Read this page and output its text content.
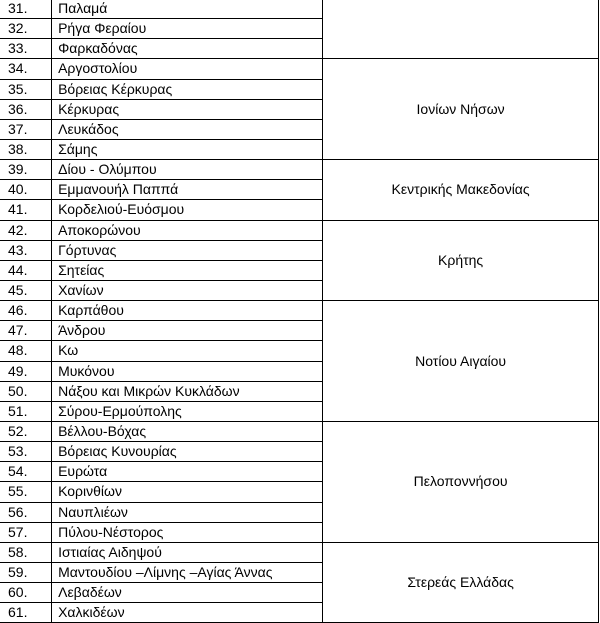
31.	Παλαμά	
32.	Ρήγα Φεραίου	
33.	Φαρκαδόνας	
34.	Αργοστολίου	Ιονίων Νήσων
35.	Βόρειας Κέρκυρας	
36.	Κέρκυρας	
37.	Λευκάδος	
38.	Σάμης	
39.	Δίου - Ολύμπου	Κεντρικής Μακεδονίας
40.	Εμμανουήλ Παππά	
41.	Κορδελιού-Ευόσμου	
42.	Αποκορώνου	Κρήτης
43.	Γόρτυνας	
44.	Σητείας	
45.	Χανίων	
46.	Καρπάθου	Νοτίου Αιγαίου
47.	Άνδρου	
48.	Κω	
49.	Μυκόνου	
50.	Νάξου και Μικρών Κυκλάδων	
51.	Σύρου-Ερμούπολης	
52.	Βέλλου-Βόχας	Πελοποννήσου
53.	Βόρειας Κυνουρίας	
54.	Ευρώτα	
55.	Κορινθίων	
56.	Ναυπλιέων	
57.	Πύλου-Νέστορος	
58.	Ιστιαίας Αιδηψού	Στερεάς Ελλάδας
59.	Μαντουδίου –Λίμνης –Αγίας Άννας	
60.	Λεβαδέων	
61.	Χαλκιδέων	
